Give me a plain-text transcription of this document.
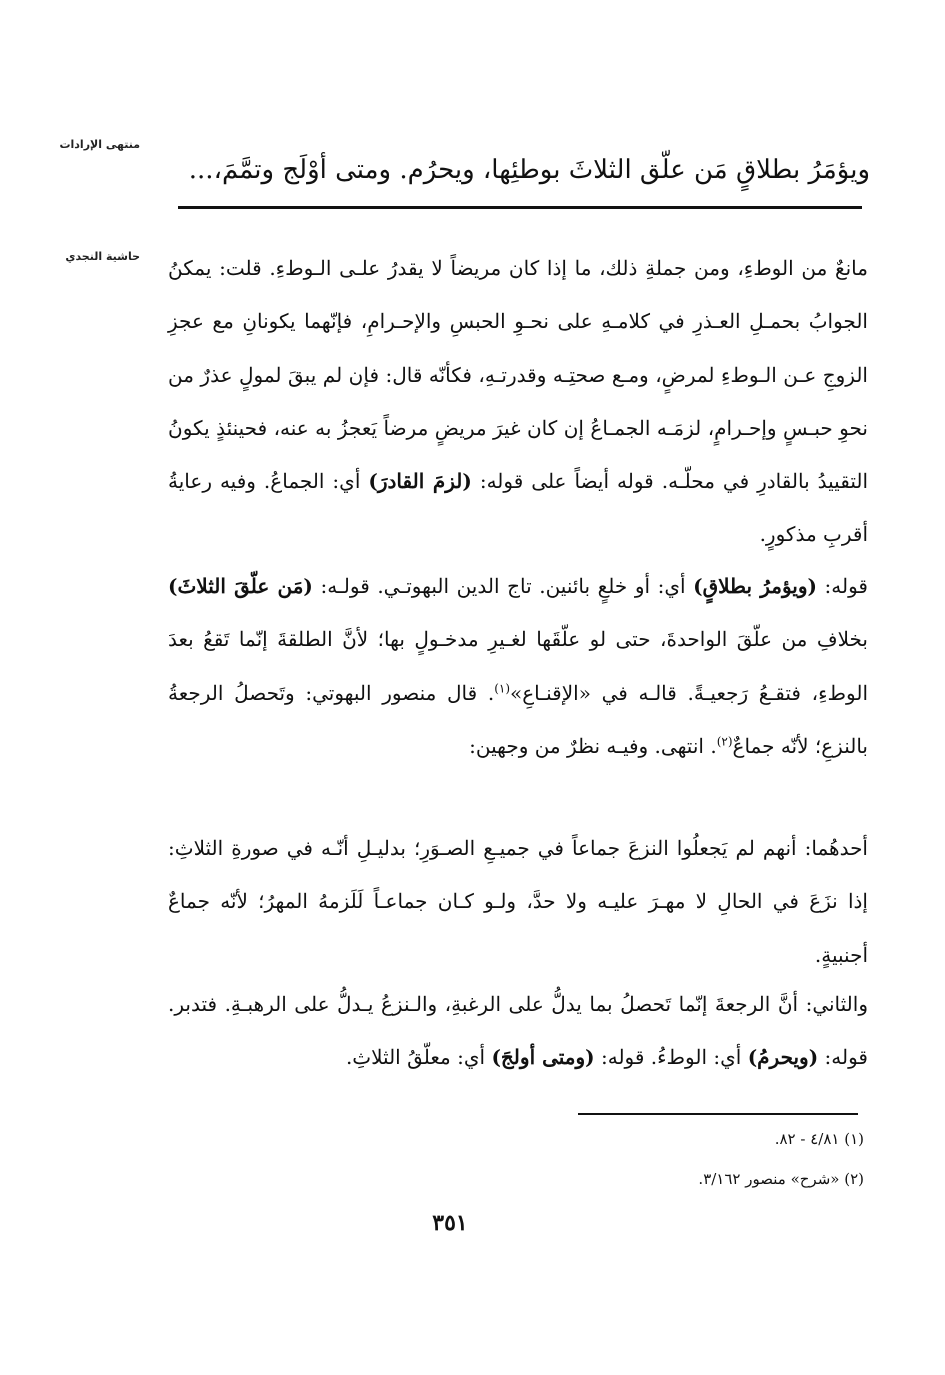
منتهى الإرادات
حاشية النجدي
ويؤمَرُ بطلاقٍ مَن علّق الثلاثَ بوطئِها، ويحرُم. ومتى أوْلَج وتمَّمَ،...

مانعٌ من الوطءِ، ومن جملةِ ذلك، ما إذا كان مريضاً لا يقدرُ علـى الـوطءِ. قلت: يمكنُ الجوابُ بحمـلِ العـذرِ في كلامـهِ على نحـوِ الحبسِ والإحـرامِ، فإنّهما يكونانِ مع عجزِ الزوجِ عـن الـوطءِ لمرضٍ، ومـع صحتِـه وقدرتـهِ، فكأنّه قال: فإن لم يبقَ لمولٍ عذرٌ من نحوِ حبـسٍ وإحـرامٍ، لزمَـه الجمـاعُ إن كان غيرَ مريضٍ مرضاً يَعجزُ به عنه، فحينئذٍ يكونُ التقييدُ بالقادرِ في محلّـه. قوله أيضاً على قوله: (لزمَ القادرَ) أي: الجماعُ. وفيه رعايةُ أقربِ مذكورٍ.

قوله: (ويؤمرُ بطلاقٍ) أي: أو خلعٍ بائنين. تاج الدين البهوتـي. قولـه: (مَن علّقَ الثلاثَ) بخلافِ من علّقَ الواحدةَ، حتى لو علّقَها لغـيرِ مدخـولٍ بها؛ لأنَّ الطلقةَ إنّما تَقعُ بعدَ الوطءِ، فتقـعُ رَجعيـةً. قالـه في «الإقنـاعِ»$^{(١)}$. قال منصور البهوتي: وتَحصلُ الرجعةُ بالنزعِ؛ لأنّه جماعٌ$^{(٢)}$. انتهى. وفيـه نظرٌ من وجهين:

أحدهُما: أنهم لم يَجعلُوا النزعَ جماعاً في جميـعِ الصـوَرِ؛ بدليـلِ أنّـه في صورةِ الثلاثِ: إذا نزَعَ في الحالِ لا مهـرَ عليـه ولا حدَّ، ولـو كـان جماعـاً لَلَزمهُ المهرُ؛ لأنّه جماعٌ أجنبيةٍ.

والثاني: أنَّ الرجعةَ إنّما تَحصلُ بما يدلُّ على الرغبةِ، والـنزعُ يـدلُّ على الرهبـةِ. فتدبر. قوله: (ويحرمُ) أي: الوطءُ. قوله: (ومتى أولجَ) أي: معلّقُ الثلاثِ.

(١) ٤/٨١ - ٨٢.
(٢) «شرح» منصور ٣/١٦٢.
٣٥١
